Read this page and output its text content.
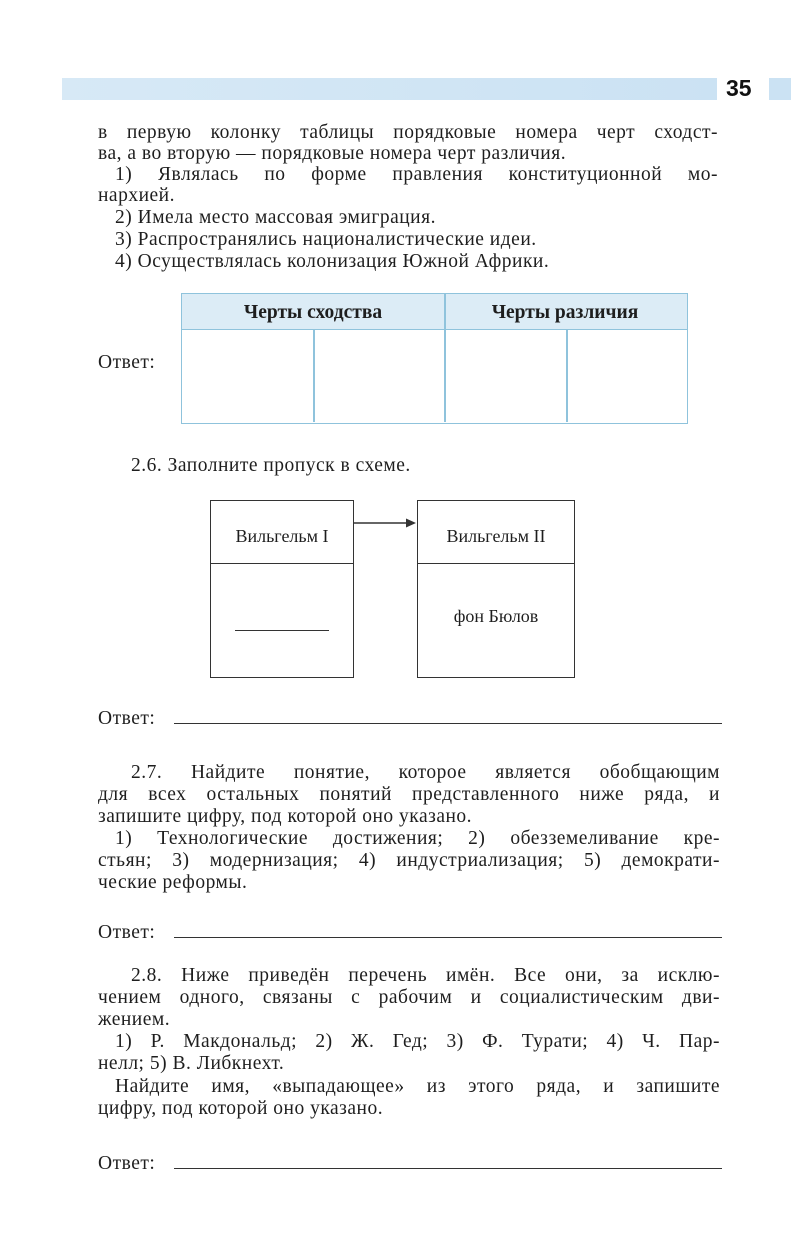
35
в первую колонку таблицы порядковые номера черт сходст-
ва, а во вторую — порядковые номера черт различия.
1) Являлась по форме правления конституционной мо-
нархией.
2) Имела место массовая эмиграция.
3) Распространялись националистические идеи.
4) Осуществлялась колонизация Южной Африки.
Ответ:
Черты сходства	Черты различия
2.6. Заполните пропуск в схеме.
Вильгельм I	Вильгельм II
фон Бюлов
Ответ:
2.7. Найдите понятие, которое является обобщающим
для всех остальных понятий представленного ниже ряда, и
запишите цифру, под которой оно указано.
1) Технологические достижения; 2) обезземеливание кре-
стьян; 3) модернизация; 4) индустриализация; 5) демократи-
ческие реформы.
Ответ:
2.8. Ниже приведён перечень имён. Все они, за исклю-
чением одного, связаны с рабочим и социалистическим дви-
жением.
1) Р. Макдональд; 2) Ж. Гед; 3) Ф. Турати; 4) Ч. Пар-
нелл; 5) В. Либкнехт.
Найдите имя, «выпадающее» из этого ряда, и запишите
цифру, под которой оно указано.
Ответ:
